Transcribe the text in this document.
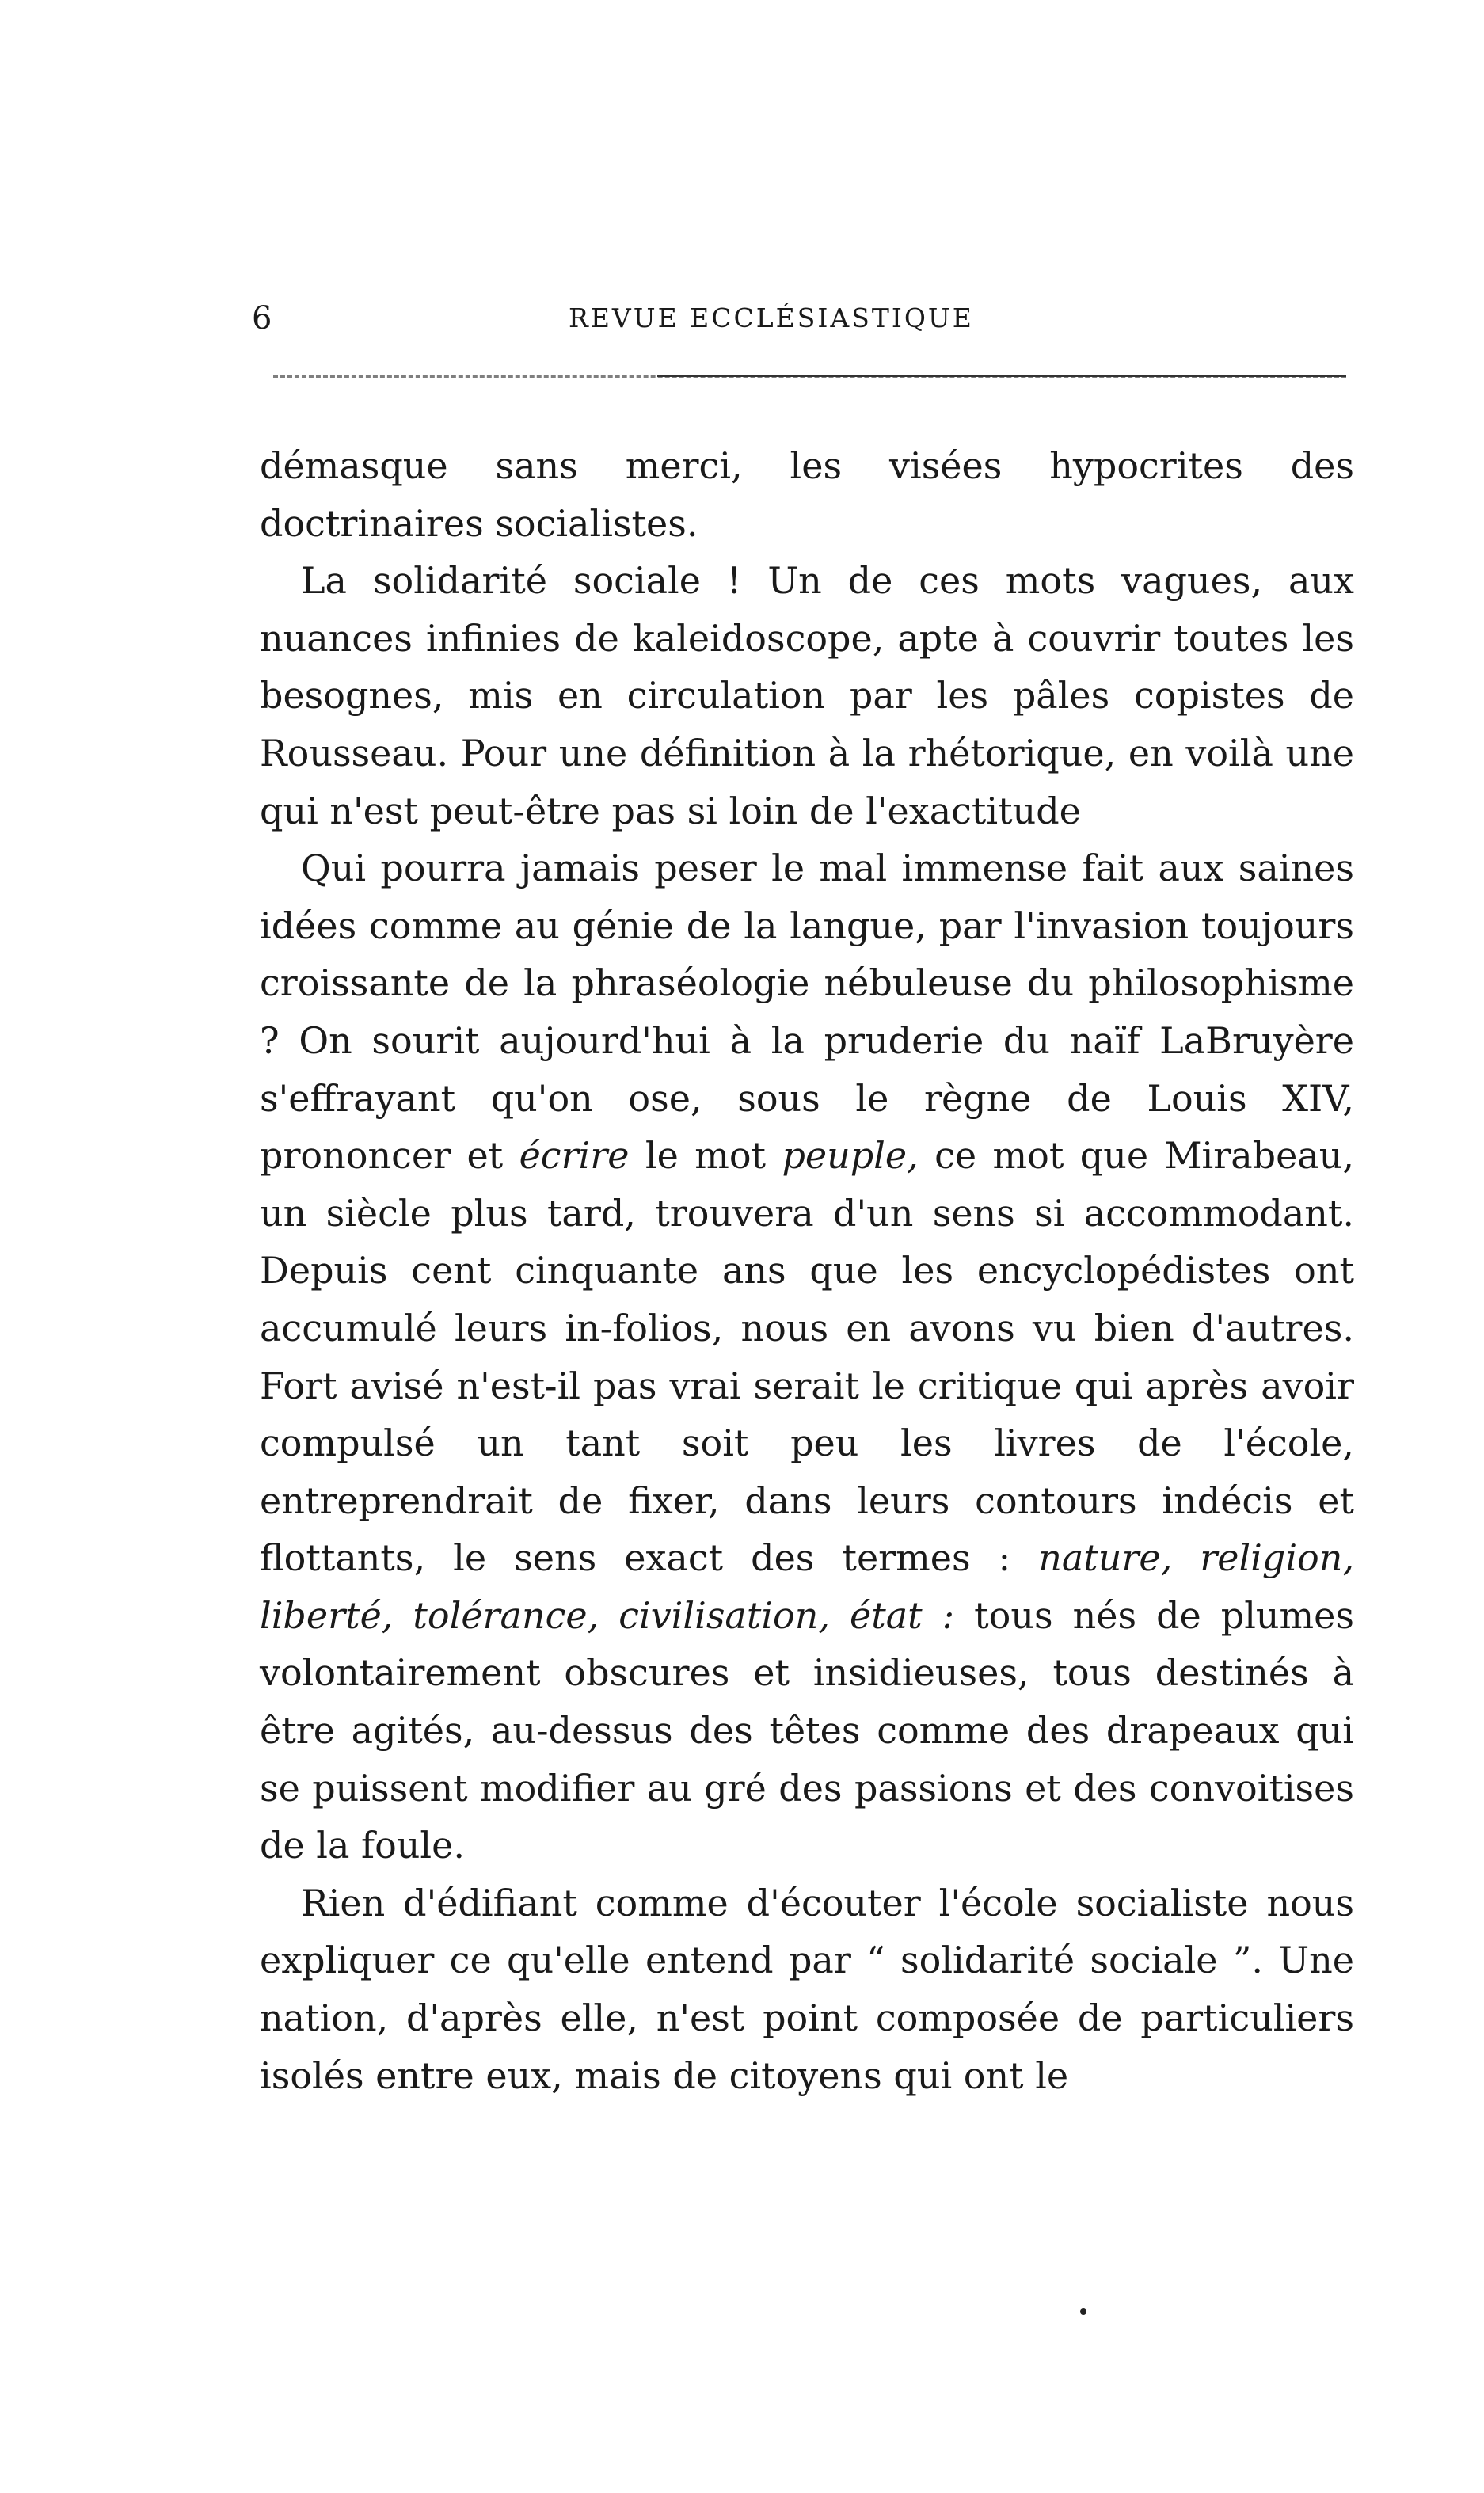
6	REVUE ECCLÉSIASTIQUE

démasque sans merci, les visées hypocrites des doctrinaires socialistes.

La solidarité sociale ! Un de ces mots vagues, aux nuances infinies de kaleidoscope, apte à couvrir toutes les besognes, mis en circulation par les pâles copistes de Rousseau. Pour une définition à la rhétorique, en voilà une qui n'est peut-être pas si loin de l'exactitude

Qui pourra jamais peser le mal immense fait aux saines idées comme au génie de la langue, par l'invasion toujours croissante de la phraséologie nébuleuse du philosophisme ? On sourit aujourd'hui à la pruderie du naïf LaBruyère s'effrayant qu'on ose, sous le règne de Louis XIV, prononcer et écrire le mot peuple, ce mot que Mirabeau, un siècle plus tard, trouvera d'un sens si accommodant. Depuis cent cinquante ans que les encyclopédistes ont accumulé leurs in-folios, nous en avons vu bien d'autres. Fort avisé n'est-il pas vrai serait le critique qui après avoir compulsé un tant soit peu les livres de l'école, entreprendrait de fixer, dans leurs contours indécis et flottants, le sens exact des termes : nature, religion, liberté, tolérance, civilisation, état : tous nés de plumes volontairement obscures et insidieuses, tous destinés à être agités, au-dessus des têtes comme des drapeaux qui se puissent modifier au gré des passions et des convoitises de la foule.

Rien d'édifiant comme d'écouter l'école socialiste nous expliquer ce qu'elle entend par “ solidarité sociale ”. Une nation, d'après elle, n'est point composée de particuliers isolés entre eux, mais de citoyens qui ont le
